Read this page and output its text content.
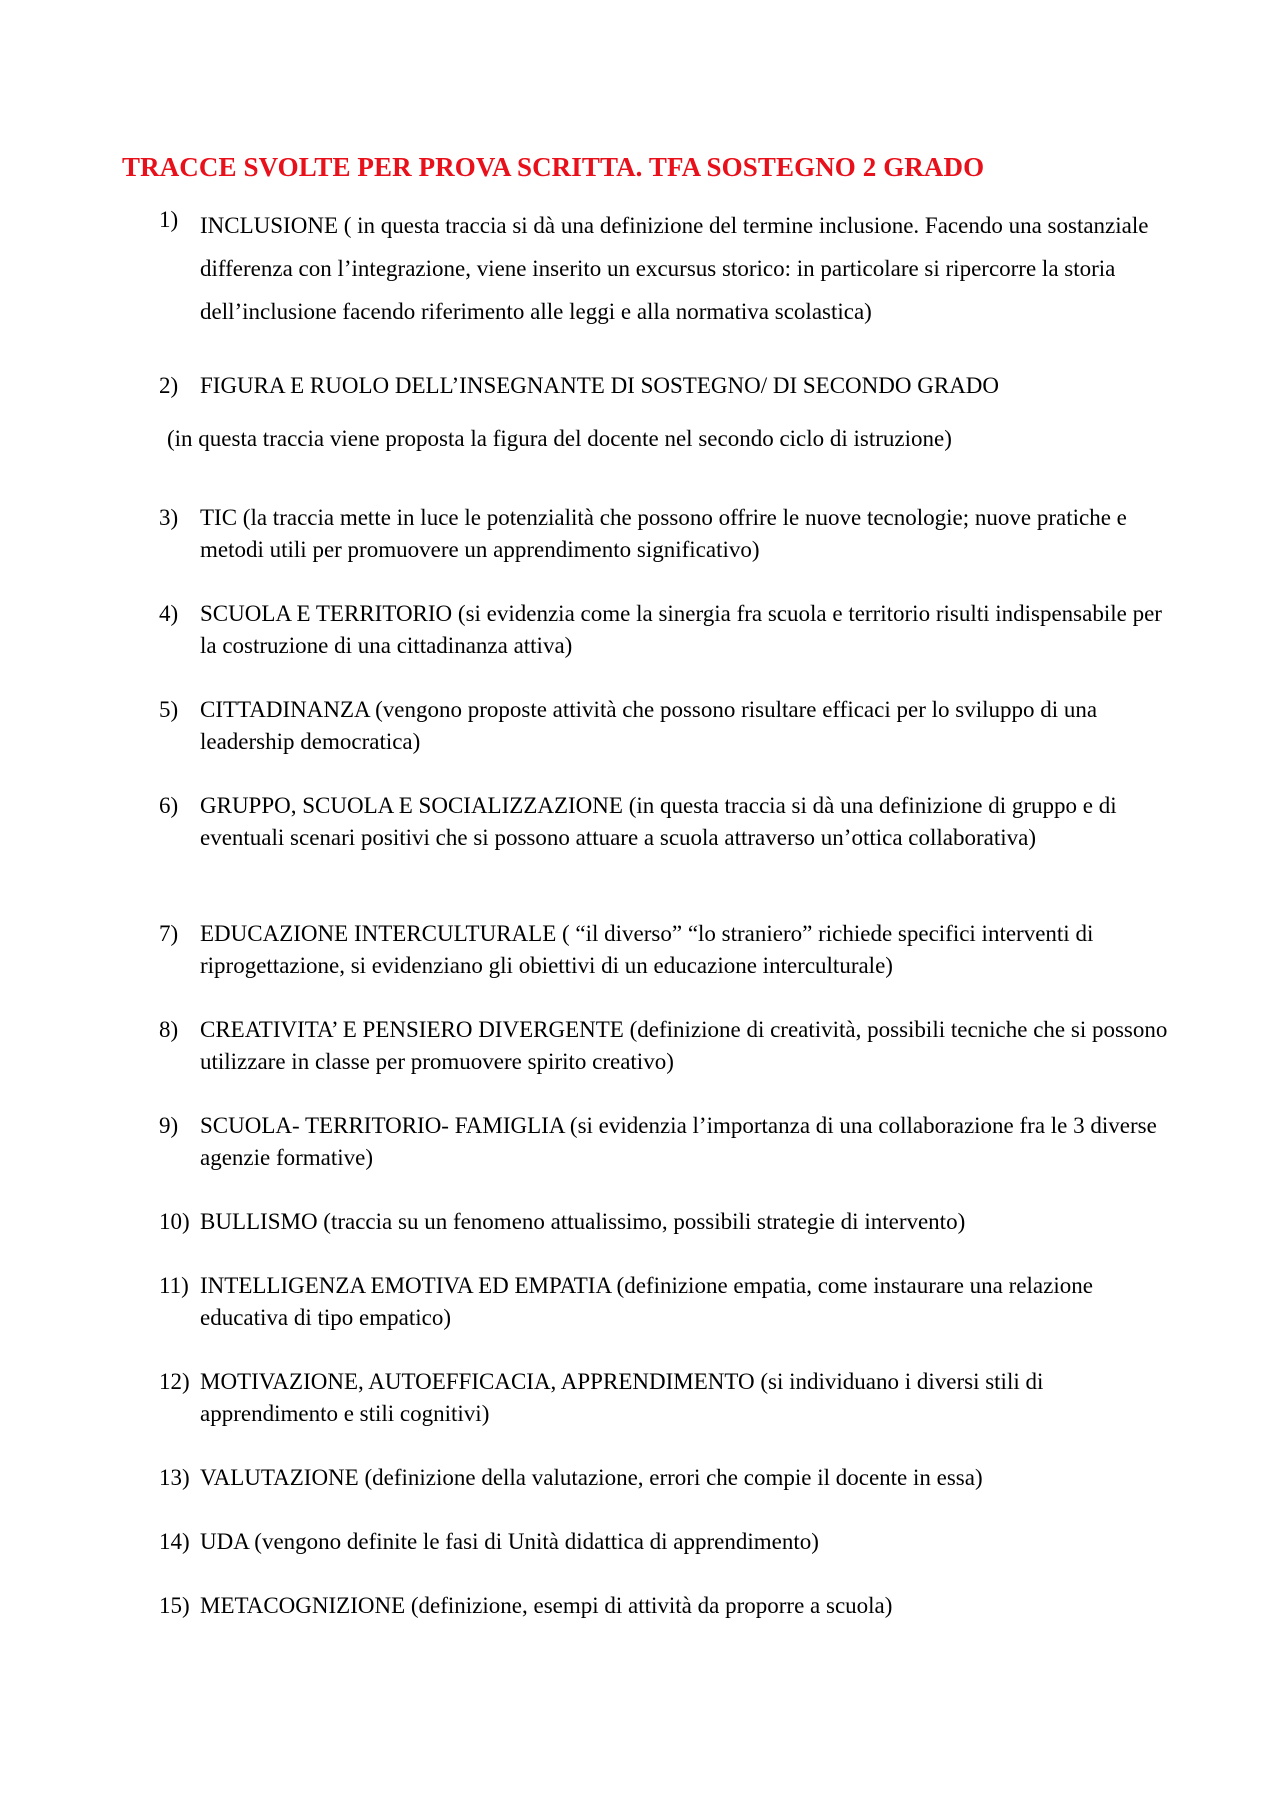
TRACCE SVOLTE PER PROVA SCRITTA. TFA SOSTEGNO 2 GRADO
1) INCLUSIONE ( in questa traccia si dà una definizione del termine inclusione. Facendo una sostanziale differenza con l’integrazione, viene inserito un excursus storico: in particolare si ripercorre la storia dell’inclusione facendo riferimento alle leggi e alla normativa scolastica)
2) FIGURA E RUOLO DELL’INSEGNANTE DI SOSTEGNO/ DI SECONDO GRADO
(in questa traccia viene proposta la figura del docente nel secondo ciclo di istruzione)
3) TIC (la traccia mette in luce le potenzialità che possono offrire le nuove tecnologie; nuove pratiche e metodi utili per promuovere un apprendimento significativo)
4) SCUOLA E TERRITORIO (si evidenzia come la sinergia fra scuola e territorio risulti indispensabile per la costruzione di una cittadinanza attiva)
5) CITTADINANZA (vengono proposte attività che possono risultare efficaci per lo sviluppo di una leadership democratica)
6) GRUPPO, SCUOLA E SOCIALIZZAZIONE (in questa traccia si dà una definizione di gruppo e di eventuali scenari positivi che si possono attuare a scuola attraverso un’ottica collaborativa)
7) EDUCAZIONE INTERCULTURALE ( “il diverso” “lo straniero” richiede specifici interventi di riprogettazione, si evidenziano gli obiettivi di un educazione interculturale)
8) CREATIVITA’ E PENSIERO DIVERGENTE (definizione di creatività, possibili tecniche che si possono utilizzare in classe per promuovere spirito creativo)
9) SCUOLA- TERRITORIO- FAMIGLIA (si evidenzia l’importanza di una collaborazione fra le 3 diverse agenzie formative)
10) BULLISMO (traccia su un fenomeno attualissimo, possibili strategie di intervento)
11) INTELLIGENZA EMOTIVA ED EMPATIA (definizione empatia, come instaurare una relazione educativa di tipo empatico)
12) MOTIVAZIONE, AUTOEFFICACIA, APPRENDIMENTO (si individuano i diversi stili di apprendimento e stili cognitivi)
13) VALUTAZIONE (definizione della valutazione, errori che compie il docente in essa)
14) UDA (vengono definite le fasi di Unità didattica di apprendimento)
15) METACOGNIZIONE (definizione, esempi di attività da proporre a scuola)
